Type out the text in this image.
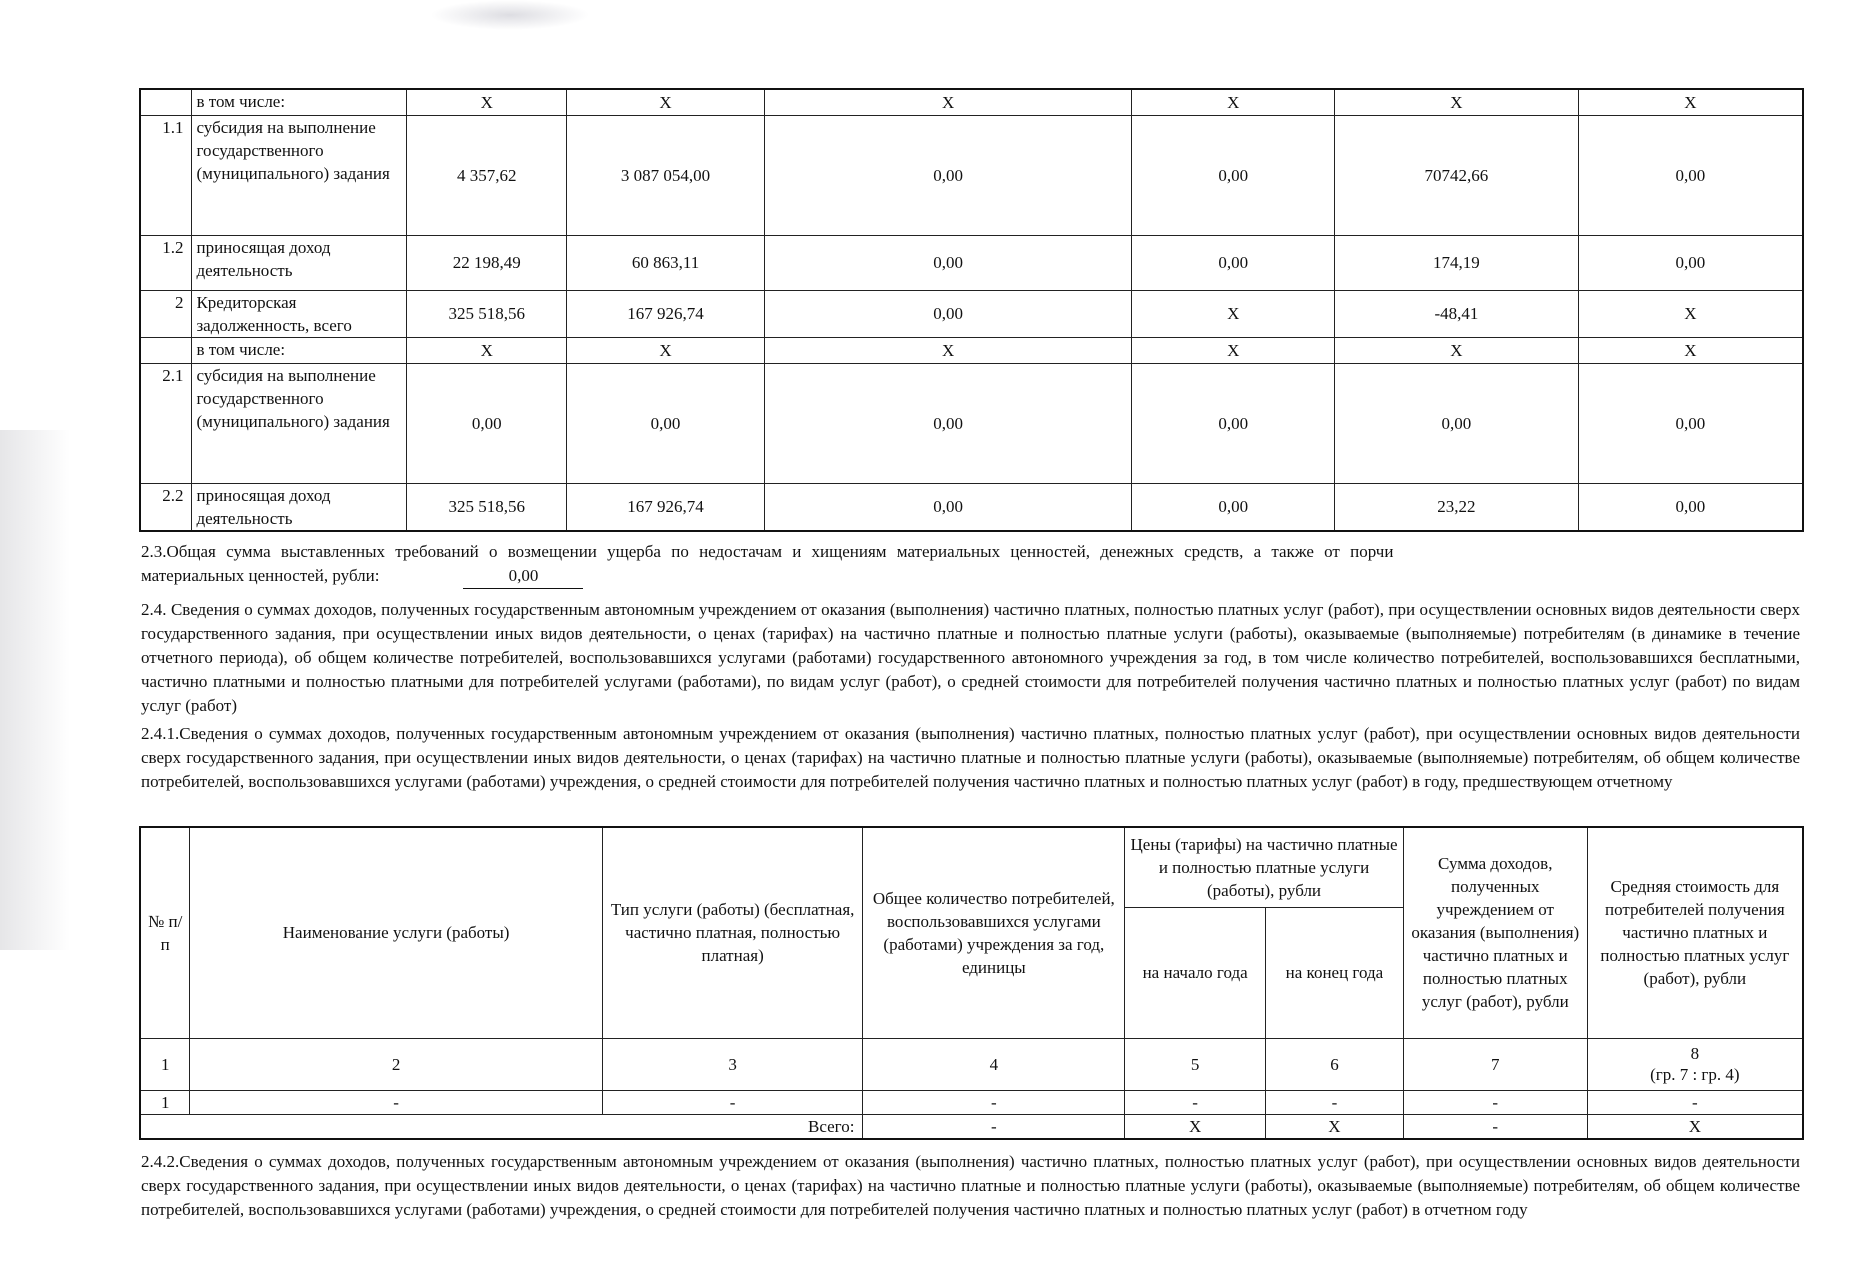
	в том числе:	X	X	X	X	X	X
1.1	субсидия на выполнение государственного (муниципального) задания	4 357,62	3 087 054,00	0,00	0,00	70742,66	0,00
1.2	приносящая доход деятельность	22 198,49	60 863,11	0,00	0,00	174,19	0,00
2	Кредиторская задолженность, всего	325 518,56	167 926,74	0,00	X	-48,41	X
	в том числе:	X	X	X	X	X	X
2.1	субсидия на выполнение государственного (муниципального) задания	0,00	0,00	0,00	0,00	0,00	0,00
2.2	приносящая доход деятельность	325 518,56	167 926,74	0,00	0,00	23,22	0,00
2.3.Общая сумма выставленных требований о возмещении ущерба по недостачам и хищениям материальных ценностей, денежных средств, а также от порчи
материальных ценностей, рубли:	0,00
2.4. Сведения о суммах доходов, полученных государственным автономным учреждением от оказания (выполнения) частично платных, полностью платных услуг (работ), при осуществлении основных видов деятельности сверх государственного задания, при осуществлении иных видов деятельности, о ценах (тарифах) на частично платные и полностью платные услуги (работы), оказываемые (выполняемые) потребителям (в динамике в течение отчетного периода), об общем количестве потребителей, воспользовавшихся услугами (работами) государственного автономного учреждения за год, в том числе количество потребителей, воспользовавшихся бесплатными, частично платными и полностью платными для потребителей услугами (работами), по видам услуг (работ), о средней стоимости для потребителей получения частично платных и полностью платных услуг (работ) по видам услуг (работ)
2.4.1.Сведения о суммах доходов, полученных государственным автономным учреждением от оказания (выполнения) частично платных, полностью платных услуг (работ), при осуществлении основных видов деятельности сверх государственного задания, при осуществлении иных видов деятельности, о ценах (тарифах) на частично платные и полностью платные услуги (работы), оказываемые (выполняемые) потребителям, об общем количестве потребителей, воспользовавшихся услугами (работами) учреждения, о средней стоимости для потребителей получения частично платных и полностью платных услуг (работ) в году, предшествующем отчетному
№ п/п	Наименование услуги (работы)	Тип услуги (работы) (бесплатная, частично платная, полностью платная)	Общее количество потребителей, воспользовавшихся услугами (работами) учреждения за год, единицы	Цены (тарифы) на частично платные и полностью платные услуги (работы), рубли		Сумма доходов, полученных учреждением от оказания (выполнения) частично платных и полностью платных услуг (работ), рубли	Средняя стоимость для потребителей получения частично платных и полностью платных услуг (работ), рубли
				на начало года	на конец года		
1	2	3	4	5	6	7	8
(гр. 7 : гр. 4)

1	-	-	-	-	-	-	-
Всего:			-	X	X	-	X
2.4.2.Сведения о суммах доходов, полученных государственным автономным учреждением от оказания (выполнения) частично платных, полностью платных услуг (работ), при осуществлении основных видов деятельности сверх государственного задания, при осуществлении иных видов деятельности, о ценах (тарифах) на частично платные и полностью платные услуги (работы), оказываемые (выполняемые) потребителям, об общем количестве потребителей, воспользовавшихся услугами (работами) учреждения, о средней стоимости для потребителей получения частично платных и полностью платных услуг (работ) в отчетном году
